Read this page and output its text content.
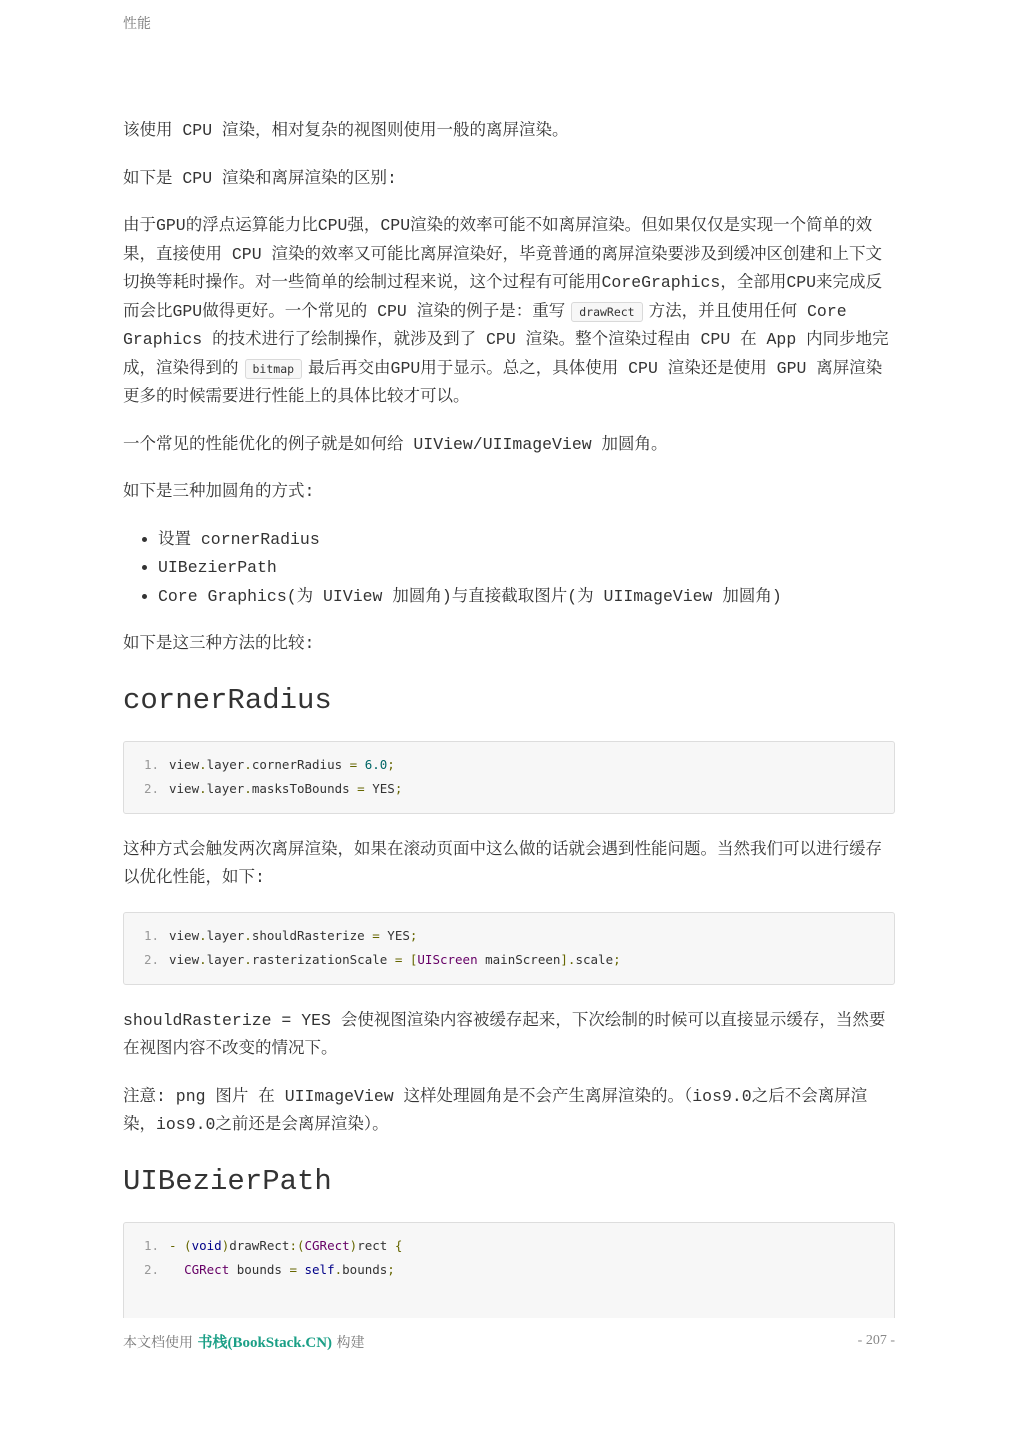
性能

该使用 CPU 渲染，相对复杂的视图则使用一般的离屏渲染。

如下是 CPU 渲染和离屏渲染的区别:

由于GPU的浮点运算能力比CPU强，CPU渲染的效率可能不如离屏渲染。但如果仅仅是实现一个简单的效果，直接使用 CPU 渲染的效率又可能比离屏渲染好，毕竟普通的离屏渲染要涉及到缓冲区创建和上下文切换等耗时操作。对一些简单的绘制过程来说，这个过程有可能用CoreGraphics，全部用CPU来完成反而会比GPU做得更好。一个常见的 CPU 渲染的例子是：重写 drawRect 方法，并且使用任何 Core Graphics 的技术进行了绘制操作，就涉及到了 CPU 渲染。整个渲染过程由 CPU 在 App 内同步地完成，渲染得到的 bitmap 最后再交由GPU用于显示。总之，具体使用 CPU 渲染还是使用 GPU 离屏渲染更多的时候需要进行性能上的具体比较才可以。

一个常见的性能优化的例子就是如何给 UIView/UIImageView 加圆角。

如下是三种加圆角的方式:

• 设置 cornerRadius
• UIBezierPath
• Core Graphics(为 UIView 加圆角)与直接截取图片(为 UIImageView 加圆角)

如下是这三种方法的比较:

cornerRadius
1. view.layer.cornerRadius = 6.0;
2. view.layer.masksToBounds = YES;

这种方式会触发两次离屏渲染，如果在滚动页面中这么做的话就会遇到性能问题。当然我们可以进行缓存以优化性能，如下:

1. view.layer.shouldRasterize = YES;
2. view.layer.rasterizationScale = [UIScreen mainScreen].scale;

shouldRasterize = YES 会使视图渲染内容被缓存起来，下次绘制的时候可以直接显示缓存，当然要在视图内容不改变的情况下。

注意: png 图片 在 UIImageView 这样处理圆角是不会产生离屏渲染的。（ios9.0之后不会离屏渲染，ios9.0之前还是会离屏渲染）。

UIBezierPath
1. - (void)drawRect:(CGRect)rect {
2. CGRect bounds = self.bounds;
本文档使用 书栈(BookStack.CN) 构建	- 207 -
